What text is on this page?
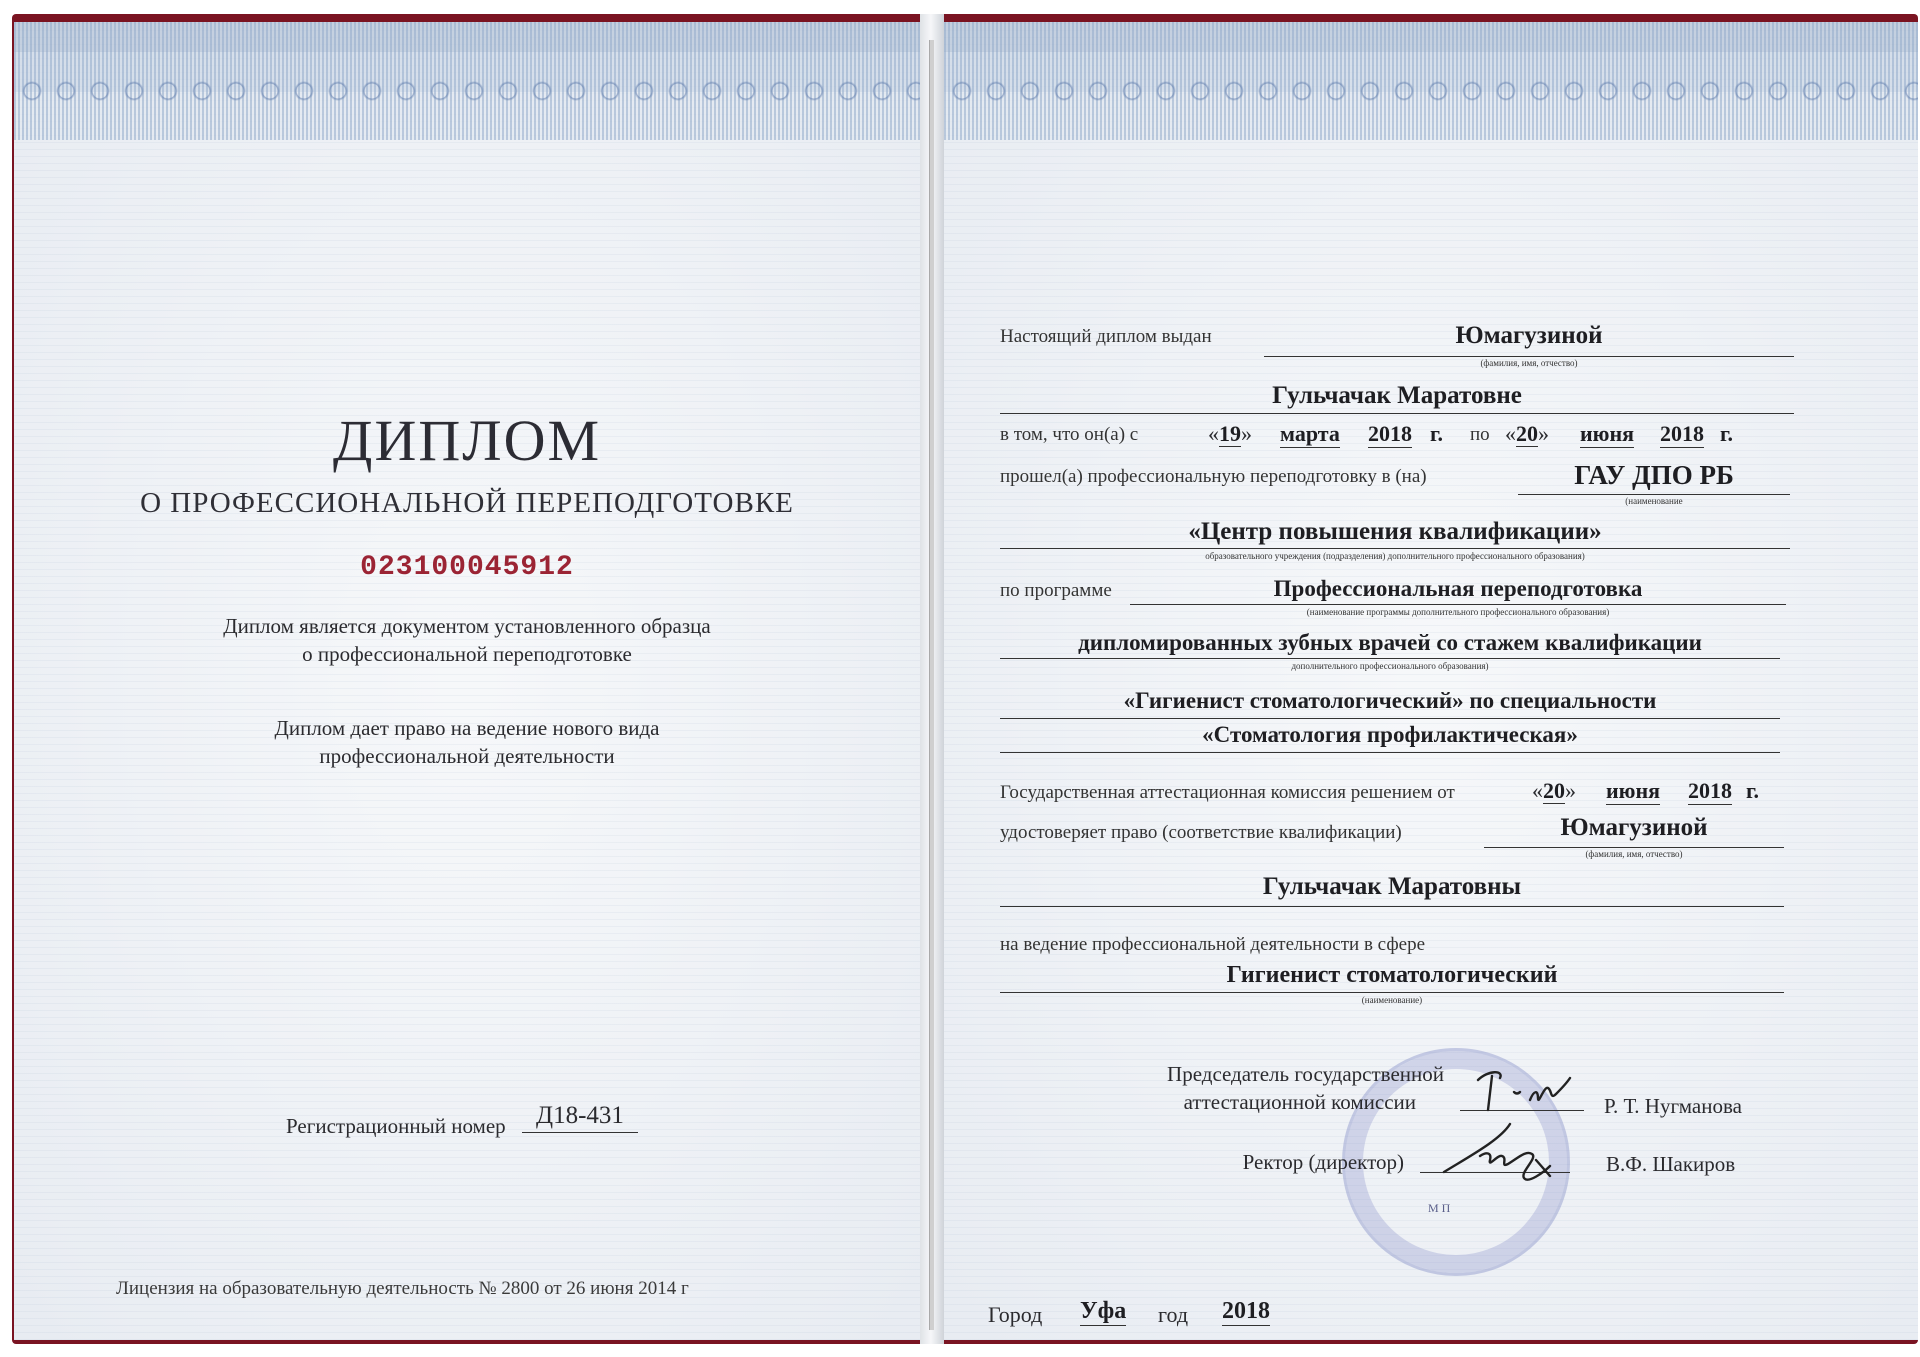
ДИПЛОМ
О ПРОФЕССИОНАЛЬНОЙ ПЕРЕПОДГОТОВКЕ
023100045912
Диплом является документом установленного образца
о профессиональной переподготовке
Диплом дает право на ведение нового вида
профессиональной деятельности
Регистрационный номер	Д18-431
Лицензия на образовательную деятельность № 2800 от 26 июня 2014 г
Настоящий диплом выдан	Юмагузиной
(фамилия, имя, отчество)
Гульчачак Маратовне
в том, что он(а) с	«19» марта 2018 г. по «20» июня 2018 г.
прошел(а) профессиональную переподготовку в (на)	ГАУ ДПО РБ
(наименование
«Центр повышения квалификации»
образовательного учреждения (подразделения) дополнительного профессионального образования)
по программе	Профессиональная переподготовка
(наименование программы дополнительного профессионального образования)
дипломированных зубных врачей со стажем квалификации
дополнительного профессионального образования)
«Гигиенист стоматологический» по специальности
«Стоматология профилактическая»
Государственная аттестационная комиссия решением от	«20» июня 2018 г.
удостоверяет право (соответствие квалификации)	Юмагузиной
(фамилия, имя, отчество)
Гульчачак Маратовны
на ведение профессиональной деятельности в сфере
Гигиенист стоматологический
(наименование)
М П
Председатель государственной
аттестационной комиссии	Р. Т. Нугманова
Ректор (директор)	В.Ф. Шакиров
Город Уфа год 2018
